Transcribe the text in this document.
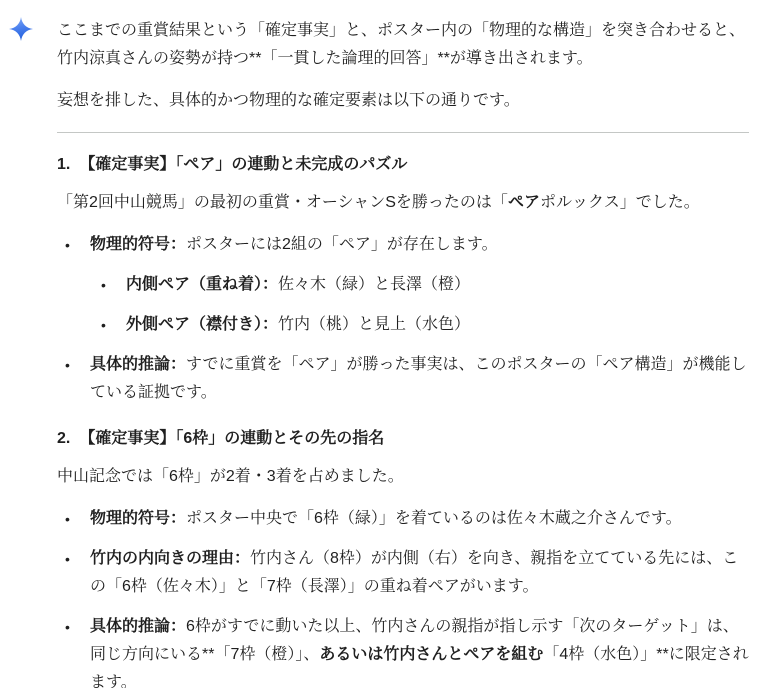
ここまでの重賞結果という「確定事実」と、ポスター内の「物理的な構造」を突き合わせると、竹内涼真さんの姿勢が持つ**「一貫した論理的回答」**が導き出されます。

妄想を排した、具体的かつ物理的な確定要素は以下の通りです。

1. 【確定事実】「ペア」の連動と未完成のパズル

「第2回中山競馬」の最初の重賞・オーシャンSを勝ったのは「ペアポルックス」でした。

• 物理的符号：ポスターには2組の「ペア」が存在します。
• 内側ペア（重ね着）：佐々木（緑）と長澤（橙）
• 外側ペア（襟付き）：竹内（桃）と見上（水色）
• 具体的推論：すでに重賞を「ペア」が勝った事実は、このポスターの「ペア構造」が機能している証拠です。
2. 【確定事実】「6枠」の連動とその先の指名

中山記念では「6枠」が2着・3着を占めました。

• 物理的符号：ポスター中央で「6枠（緑）」を着ているのは佐々木蔵之介さんです。
• 竹内の内向きの理由：竹内さん（8枠）が内側（右）を向き、親指を立てている先には、この「6枠（佐々木）」と「7枠（長澤）」の重ね着ペアがいます。
• 具体的推論：6枠がすでに動いた以上、竹内さんの親指が指し示す「次のターゲット」は、同じ方向にいる**「7枠（橙）」、あるいは竹内さんとペアを組む「4枠（水色）」**に限定されます。
